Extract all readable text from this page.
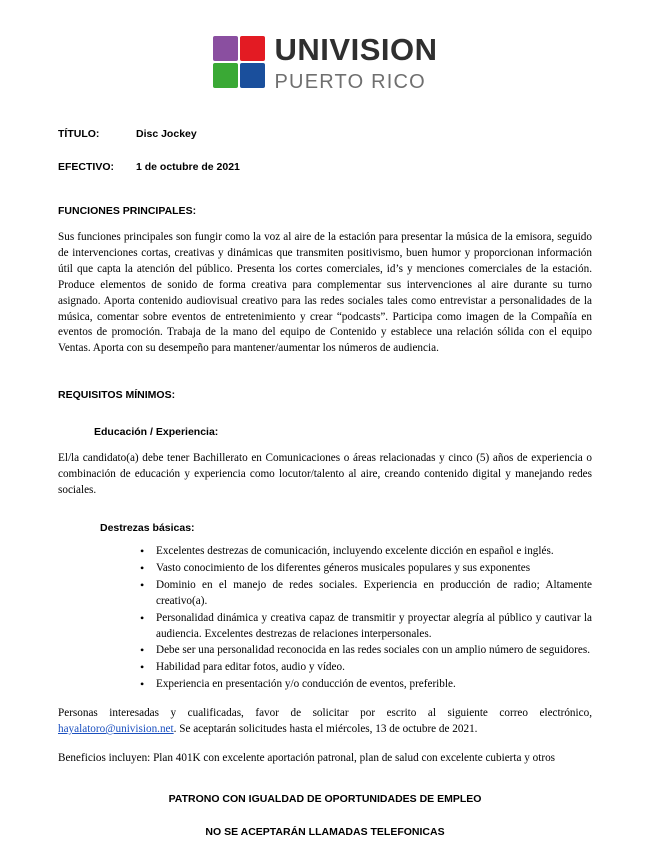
UNIVISION
PUERTO RICO
TÍTULO:	Disc Jockey
EFECTIVO:	1 de octubre de 2021
FUNCIONES PRINCIPALES:

Sus funciones principales son fungir como la voz al aire de la estación para presentar la música de la emisora, seguido de intervenciones cortas, creativas y dinámicas que transmiten positivismo, buen humor y proporcionan información útil que capta la atención del público. Presenta los cortes comerciales, id’s y menciones comerciales de la estación. Produce elementos de sonido de forma creativa para complementar sus intervenciones al aire durante su turno asignado. Aporta contenido audiovisual creativo para las redes sociales tales como entrevistar a personalidades de la música, comentar sobre eventos de entretenimiento y crear “podcasts”. Participa como imagen de la Compañía en eventos de promoción. Trabaja de la mano del equipo de Contenido y establece una relación sólida con el equipo Ventas. Aporta con su desempeño para mantener/aumentar los números de audiencia.

REQUISITOS MÍNIMOS:
Educación / Experiencia:

El/la candidato(a) debe tener Bachillerato en Comunicaciones o áreas relacionadas y cinco (5) años de experiencia o combinación de educación y experiencia como locutor/talento al aire, creando contenido digital y manejando redes sociales.

Destrezas básicas:
• Excelentes destrezas de comunicación, incluyendo excelente dicción en español e inglés.
• Vasto conocimiento de los diferentes géneros musicales populares y sus exponentes
• Dominio en el manejo de redes sociales. Experiencia en producción de radio; Altamente creativo(a).
• Personalidad dinámica y creativa capaz de transmitir y proyectar alegría al público y cautivar la audiencia. Excelentes destrezas de relaciones interpersonales.
• Debe ser una personalidad reconocida en las redes sociales con un amplio número de seguidores.
• Habilidad para editar fotos, audio y vídeo.
• Experiencia en presentación y/o conducción de eventos, preferible.

Personas interesadas y cualificadas, favor de solicitar por escrito al siguiente correo electrónico, hayalatoro@univision.net. Se aceptarán solicitudes hasta el miércoles, 13 de octubre de 2021.

Beneficios incluyen: Plan 401K con excelente aportación patronal, plan de salud con excelente cubierta y otros

PATRONO CON IGUALDAD DE OPORTUNIDADES DE EMPLEO
NO SE ACEPTARÁN LLAMADAS TELEFONICAS
